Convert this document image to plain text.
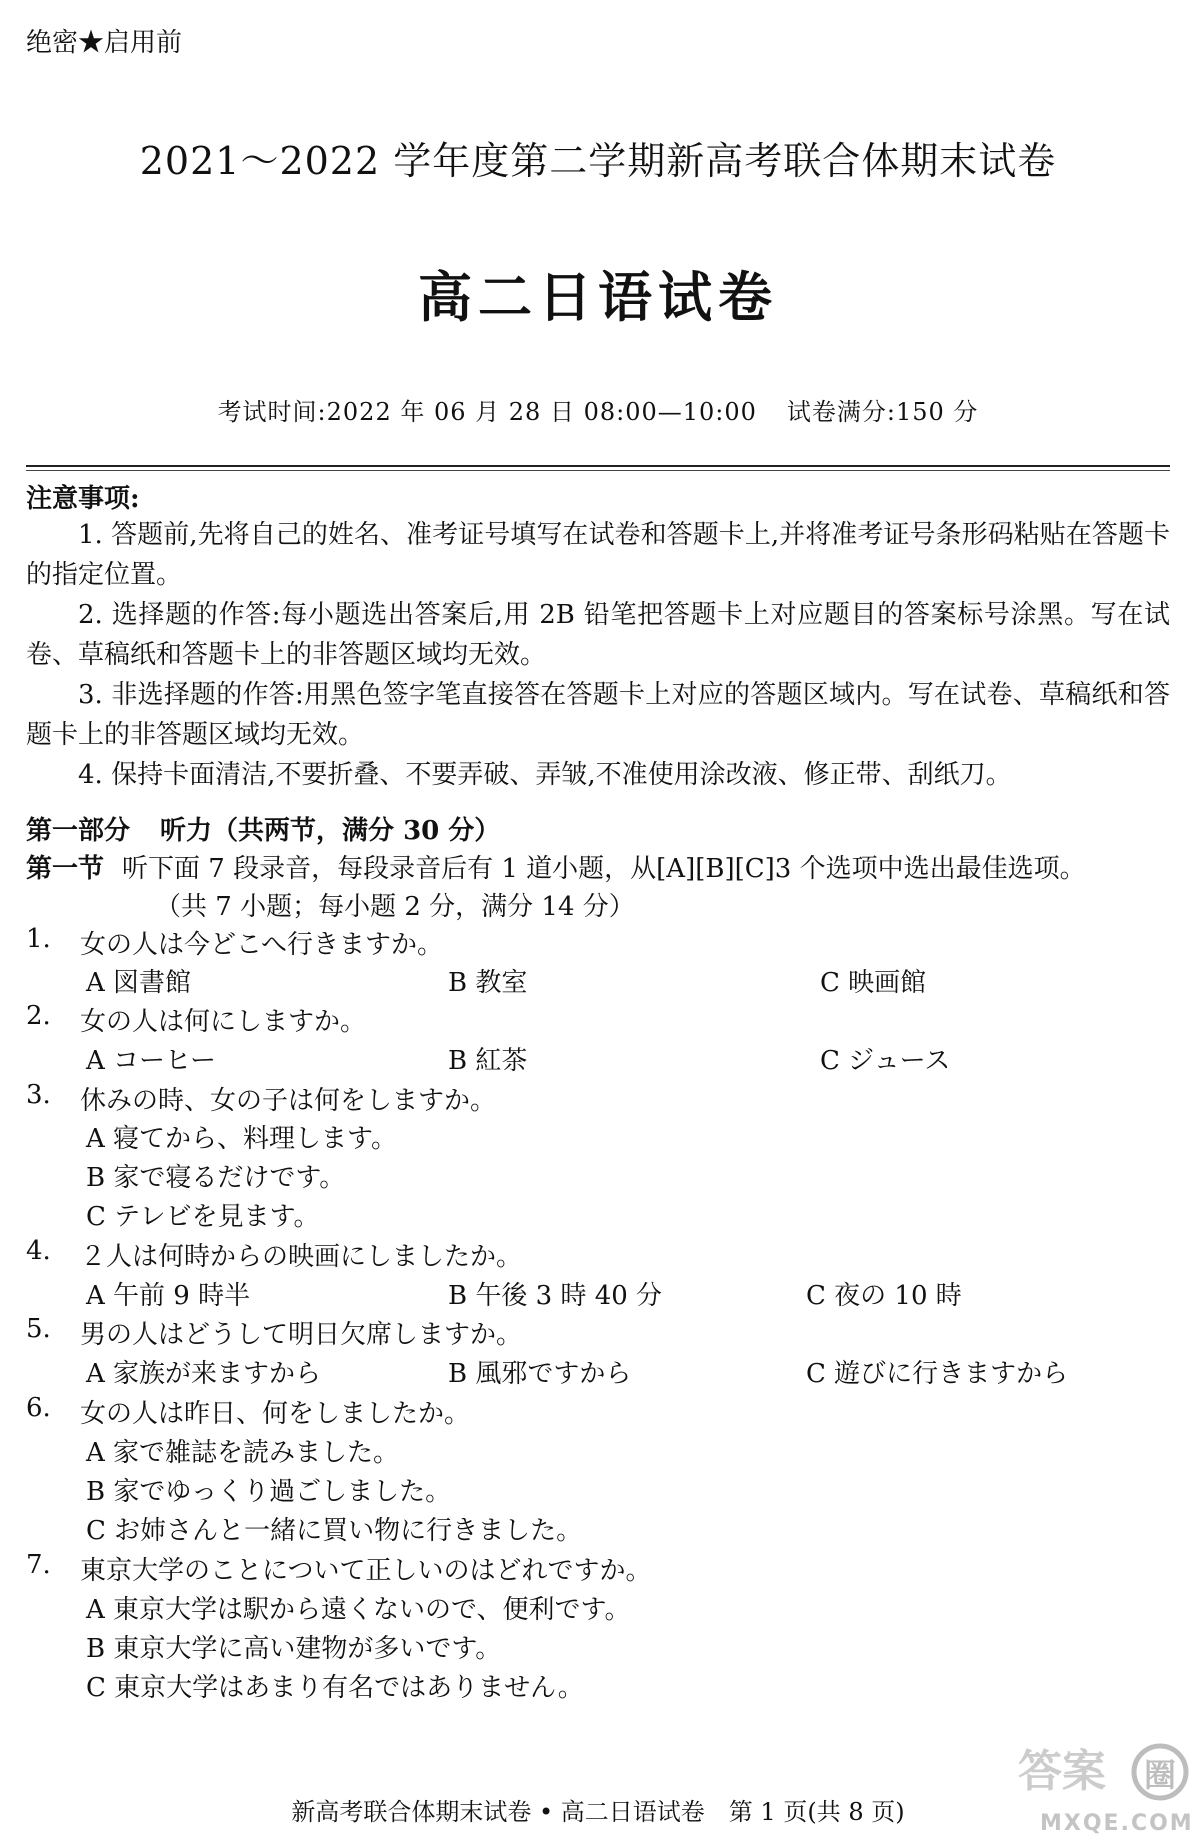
绝密★启用前
2021～2022 学年度第二学期新高考联合体期末试卷
高二日语试卷
考试时间:2022 年 06 月 28 日 08:00—10:00 试卷满分:150 分
注意事项:

1. 答题前,先将自己的姓名、准考证号填写在试卷和答题卡上,并将准考证号条形码粘贴在答题卡的指定位置。

2. 选择题的作答:每小题选出答案后,用 2B 铅笔把答题卡上对应题目的答案标号涂黑。写在试卷、草稿纸和答题卡上的非答题区域均无效。

3. 非选择题的作答:用黑色签字笔直接答在答题卡上对应的答题区域内。写在试卷、草稿纸和答题卡上的非答题区域均无效。

4. 保持卡面清洁,不要折叠、不要弄破、弄皱,不准使用涂改液、修正带、刮纸刀。

第一部分 听力（共两节，满分 30 分）
第一节 听下面 7 段录音，每段录音后有 1 道小题，从[A][B][C]3 个选项中选出最佳选项。
（共 7 小题；每小题 2 分，满分 14 分）
1. 女の人は今どこへ行きますか。
A 図書館	B 教室	C 映画館
2. 女の人は何にしますか。
A コーヒー	B 紅茶	C ジュース
3. 休みの時、女の子は何をしますか。
A 寝てから、料理します。
B 家で寝るだけです。
C テレビを見ます。
4. ２人は何時からの映画にしましたか。
A 午前 9 時半	B 午後 3 時 40 分	C 夜の 10 時
5. 男の人はどうして明日欠席しますか。
A 家族が来ますから	B 風邪ですから	C 遊びに行きますから
6. 女の人は昨日、何をしましたか。
A 家で雑誌を読みました。
B 家でゆっくり過ごしました。
C お姉さんと一緒に買い物に行きました。
7. 東京大学のことについて正しいのはどれですか。
A 東京大学は駅から遠くないので、便利です。
B 東京大学に高い建物が多いです。
C 東京大学はあまり有名ではありません。
答案 圈
MXQE.COM
新高考联合体期末试卷 • 高二日语试卷　第 1 页(共 8 页)
